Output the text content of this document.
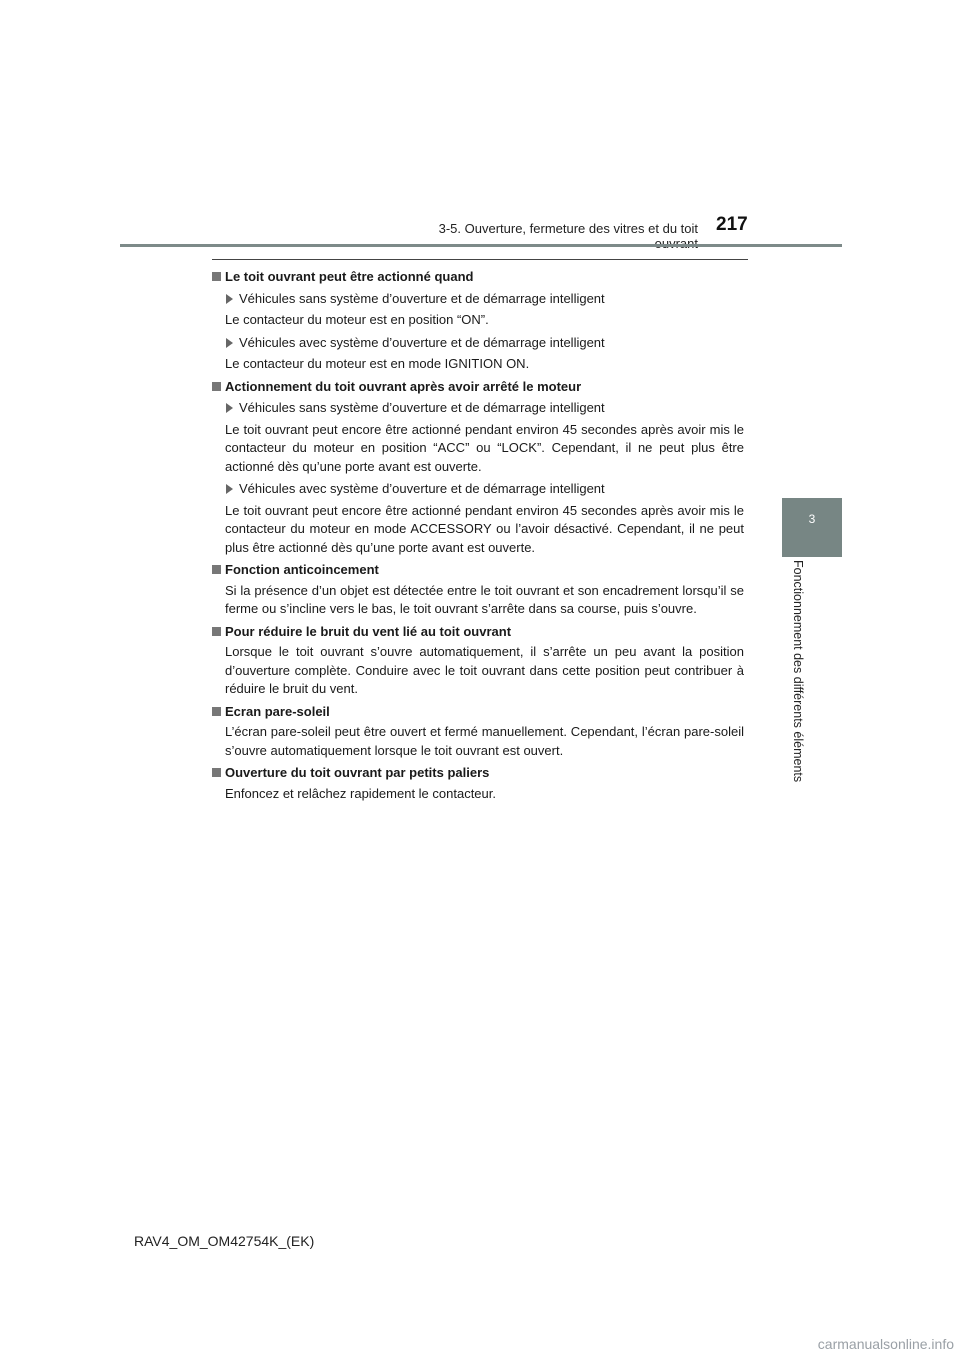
3-5. Ouverture, fermeture des vitres et du toit 217
3
Fonctionnement des différents éléments
Le toit ouvrant peut être actionné quand
Véhicules sans système d’ouverture et de démarrage intelligent
Le contacteur du moteur est en position “ON”.
Véhicules avec système d’ouverture et de démarrage intelligent
Le contacteur du moteur est en mode IGNITION ON.
Actionnement du toit ouvrant après avoir arrêté le moteur
Véhicules sans système d’ouverture et de démarrage intelligent
Le toit ouvrant peut encore être actionné pendant environ 45 secondes après avoir mis le contacteur du moteur en position “ACC” ou “LOCK”. Cependant, il ne peut plus être actionné dès qu’une porte avant est ouverte.
Véhicules avec système d’ouverture et de démarrage intelligent
Le toit ouvrant peut encore être actionné pendant environ 45 secondes après avoir mis le contacteur du moteur en mode ACCESSORY ou l’avoir désactivé. Cependant, il ne peut plus être actionné dès qu’une porte avant est ouverte.
Fonction anticoincement
Si la présence d’un objet est détectée entre le toit ouvrant et son encadrement lorsqu’il se ferme ou s’incline vers le bas, le toit ouvrant s’arrête dans sa course, puis s’ouvre.
Pour réduire le bruit du vent lié au toit ouvrant
Lorsque le toit ouvrant s’ouvre automatiquement, il s’arrête un peu avant la position d’ouverture complète. Conduire avec le toit ouvrant dans cette position peut contribuer à réduire le bruit du vent.
Ecran pare-soleil
L’écran pare-soleil peut être ouvert et fermé manuellement. Cependant, l’écran pare-soleil s’ouvre automatiquement lorsque le toit ouvrant est ouvert.
Ouverture du toit ouvrant par petits paliers
Enfoncez et relâchez rapidement le contacteur.
RAV4_OM_OM42754K_(EK)
carmanualsonline.info
